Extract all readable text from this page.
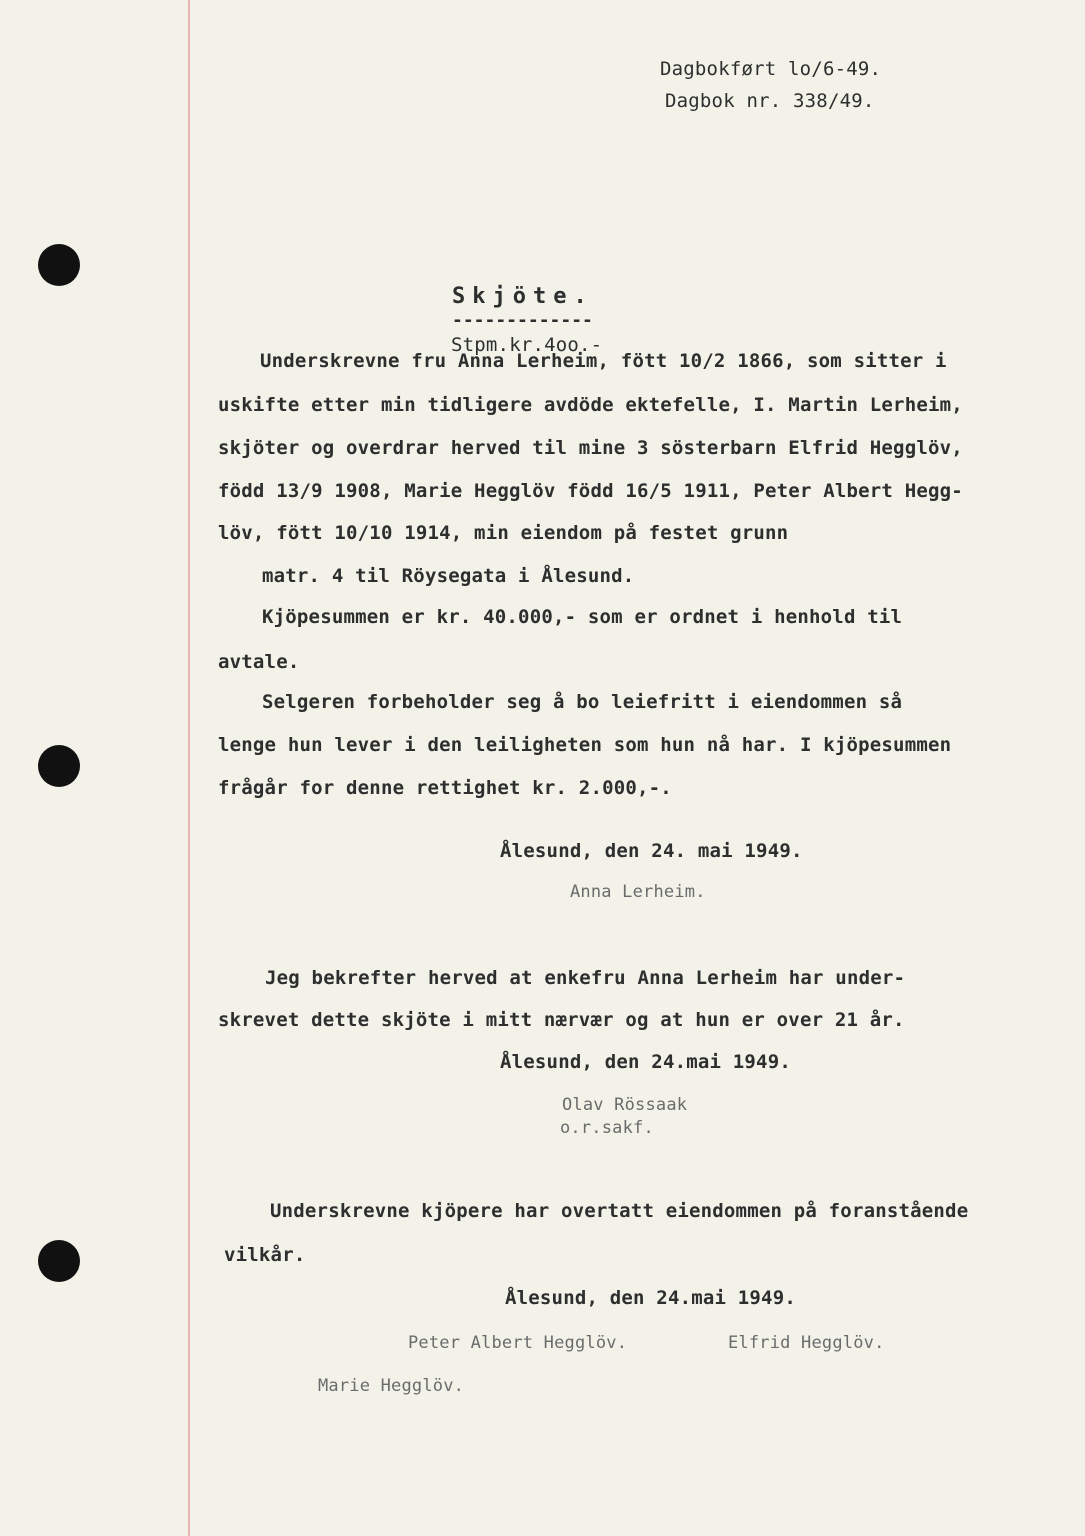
Dagbokført lo/6-49.
Dagbok nr. 338/49.
Skjöte.
-------------
Stpm.kr.4oo.-
Underskrevne fru Anna Lerheim, fött 10/2 1866, som sitter i
uskifte etter min tidligere avdöde ektefelle, I. Martin Lerheim,
skjöter og overdrar herved til mine 3 sösterbarn Elfrid Hegglöv,
född 13/9 1908, Marie Hegglöv född 16/5 1911, Peter Albert Hegg-
löv, fött 10/10 1914, min eiendom på festet grunn
matr. 4 til Röysegata i Ålesund.
Kjöpesummen er kr. 40.000,- som er ordnet i henhold til
avtale.
Selgeren forbeholder seg å bo leiefritt i eiendommen så
lenge hun lever i den leiligheten som hun nå har. I kjöpesummen
frågår for denne rettighet kr. 2.000,-.
Ålesund, den 24. mai 1949.
Anna Lerheim.
Jeg bekrefter herved at enkefru Anna Lerheim har under-
skrevet dette skjöte i mitt nærvær og at hun er over 21 år.
Ålesund, den 24.mai 1949.
Olav Rössaak
o.r.sakf.
Underskrevne kjöpere har overtatt eiendommen på foranstående
vilkår.
Ålesund, den 24.mai 1949.
Peter Albert Hegglöv.	Elfrid Hegglöv.
Marie Hegglöv.
